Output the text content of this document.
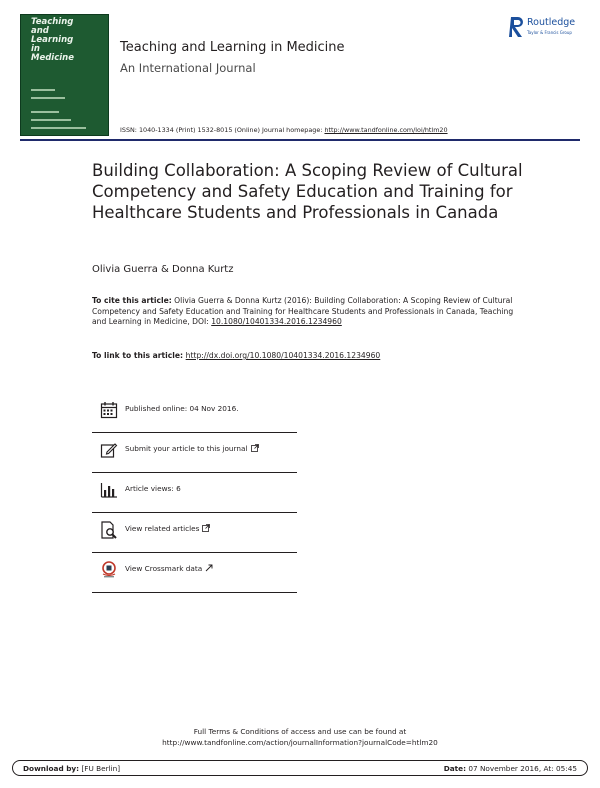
Teaching
and
Learning
in
Medicine
Teaching and Learning in Medicine
An International Journal
Routledge
Taylor & Francis Group
ISSN: 1040-1334 (Print) 1532-8015 (Online) Journal homepage: http://www.tandfonline.com/loi/htlm20
Building Collaboration: A Scoping Review of Cultural Competency and Safety Education and Training for Healthcare Students and Professionals in Canada
Olivia Guerra & Donna Kurtz
To cite this article: Olivia Guerra & Donna Kurtz (2016): Building Collaboration: A Scoping Review of Cultural Competency and Safety Education and Training for Healthcare Students and Professionals in Canada, Teaching and Learning in Medicine, DOI: 10.1080/10401334.2016.1234960
To link to this article: http://dx.doi.org/10.1080/10401334.2016.1234960
Published online: 04 Nov 2016.
Submit your article to this journal
Article views: 6
View related articles
View Crossmark data
Full Terms & Conditions of access and use can be found at
http://www.tandfonline.com/action/journalInformation?journalCode=htlm20
Download by: [FU Berlin]	Date: 07 November 2016, At: 05:45
